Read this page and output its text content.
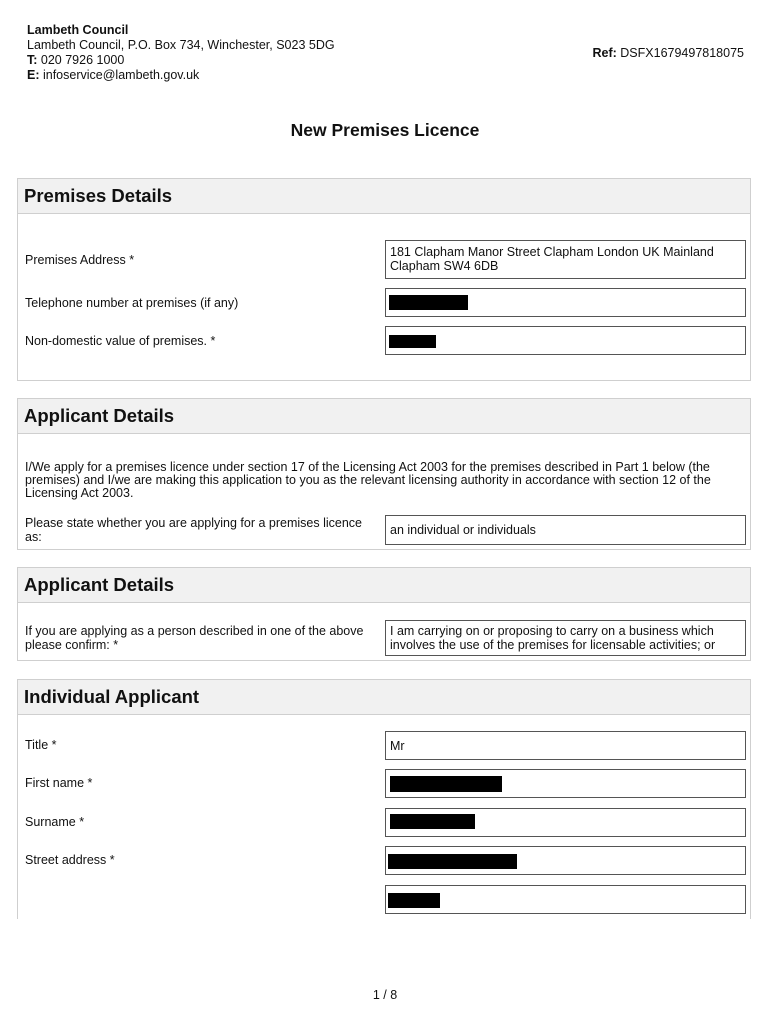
Lambeth Council
Lambeth Council, P.O. Box 734, Winchester, S023 5DG
T: 020 7926 1000
E: infoservice@lambeth.gov.uk
Ref: DSFX1679497818075
New Premises Licence
Premises Details
Premises Address *
181 Clapham Manor Street Clapham London UK Mainland
Clapham SW4 6DB
Telephone number at premises (if any)
Non-domestic value of premises. *
Applicant Details
I/We apply for a premises licence under section 17 of the Licensing Act 2003 for the premises described in Part 1 below (the premises) and I/we are making this application to you as the relevant licensing authority in accordance with section 12 of the Licensing Act 2003.
Please state whether you are applying for a premises licence
as:	an individual or individuals
Applicant Details
If you are applying as a person described in one of the above
please confirm: *
I am carrying on or proposing to carry on a business which
involves the use of the premises for licensable activities; or
Individual Applicant
Title *	Mr
First name *
Surname *
Street address *
1 / 8
